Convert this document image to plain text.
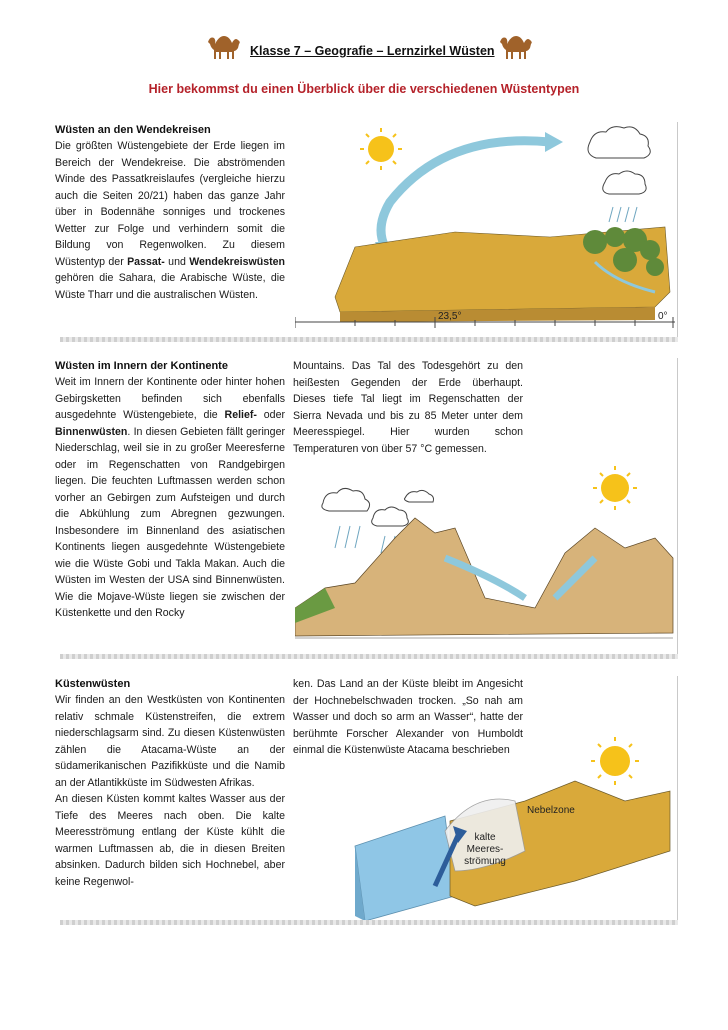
Klasse 7 – Geografie – Lernzirkel Wüsten
Hier bekommst du einen Überblick über die verschiedenen Wüstentypen
Wüsten an den Wendekreisen
Die größten Wüstengebiete der Erde liegen im Bereich der Wendekreise. Die abströmenden Winde des Passatkreislaufes (vergleiche hierzu auch die Seiten 20/21) haben das ganze Jahr über in Bodennähe sonniges und trockenes Wetter zur Folge und verhindern somit die Bildung von Regenwolken. Zu diesem Wüstentyp der Passat- und Wendekreiswüsten gehören die Sahara, die Arabische Wüste, die Wüste Tharr und die australischen Wüsten.
23,5°	0°
Wüsten im Innern der Kontinente
Weit im Innern der Kontinente oder hinter hohen Gebirgsketten befinden sich ebenfalls ausgedehnte Wüstengebiete, die Relief- oder Binnenwüsten. In diesen Gebieten fällt geringer Niederschlag, weil sie in zu großer Meeresferne oder im Regenschatten von Randgebirgen liegen. Die feuchten Luftmassen werden schon vorher an Gebirgen zum Aufsteigen und durch die Abkühlung zum Abregnen gezwungen. Insbesondere im Binnenland des asiatischen Kontinents liegen ausgedehnte Wüstengebiete wie die Wüste Gobi und Takla Makan. Auch die Wüsten im Westen der USA sind Binnenwüsten. Wie die Mojave-Wüste liegen sie zwischen der Küstenkette und den Rocky
Mountains. Das Tal des Todesgehört zu den heißesten Gegenden der Erde überhaupt. Dieses tiefe Tal liegt im Regenschatten der Sierra Nevada und bis zu 85 Meter unter dem Meeresspiegel. Hier wurden schon Temperaturen von über 57 °C gemessen.
Küstenwüsten
Wir finden an den Westküsten von Kontinenten relativ schmale Küstenstreifen, die extrem niederschlagsarm sind. Zu diesen Küstenwüsten zählen die Atacama-Wüste an der südamerikanischen Pazifikküste und die Namib an der Atlantikküste im Südwesten Afrikas.
An diesen Küsten kommt kaltes Wasser aus der Tiefe des Meeres nach oben. Die kalte Meeresströmung entlang der Küste kühlt die warmen Luftmassen ab, die in diesen Breiten absinken. Dadurch bilden sich Hochnebel, aber keine Regenwol-
ken. Das Land an der Küste bleibt im Angesicht der Hochnebelschwaden trocken. „So nah am Wasser und doch so arm an Wasser“, hatte der berühmte Forscher Alexander von Humboldt einmal die Küstenwüste Atacama beschrieben
Nebelzone
kalte
Meeres-
strömung
